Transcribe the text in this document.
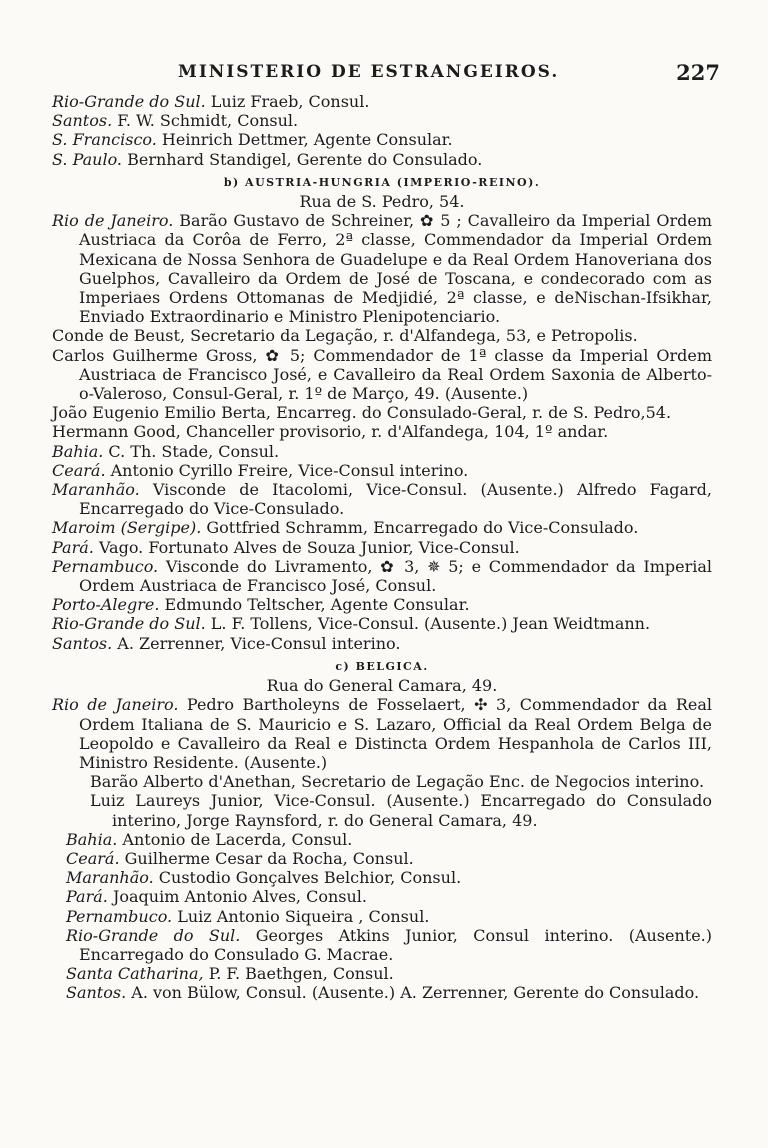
MINISTERIO DE ESTRANGEIROS.	227

Rio-Grande do Sul. Luiz Fraeb, Consul.

Santos. F. W. Schmidt, Consul.

S. Francisco. Heinrich Dettmer, Agente Consular.

S. Paulo. Bernhard Standigel, Gerente do Consulado.

b) AUSTRIA-HUNGRIA (IMPERIO-REINO).

Rua de S. Pedro, 54.

Rio de Janeiro. Barão Gustavo de Schreiner, ✿ 5 ; Cavalleiro da Imperial Ordem Austriaca da Corôa de Ferro, 2ª classe, Commendador da Imperial Ordem Mexicana de Nossa Senhora de Guadelupe e da Real Ordem Hanoveriana dos Guelphos, Cavalleiro da Ordem de José de Toscana, e condecorado com as Imperiaes Ordens Ottomanas de Medjidié, 2ª classe, e deNischan-Ifsikhar, Enviado Extraordinario e Ministro Plenipotenciario.

Conde de Beust, Secretario da Legação, r. d'Alfandega, 53, e Petropolis.

Carlos Guilherme Gross, ✿ 5; Commendador de 1ª classe da Imperial Ordem Austriaca de Francisco José, e Cavalleiro da Real Ordem Saxonia de Alberto-o-Valeroso, Consul-Geral, r. 1º de Março, 49. (Ausente.)

João Eugenio Emilio Berta, Encarreg. do Consulado-Geral, r. de S. Pedro,54.

Hermann Good, Chanceller provisorio, r. d'Alfandega, 104, 1º andar.

Bahia. C. Th. Stade, Consul.

Ceará. Antonio Cyrillo Freire, Vice-Consul interino.

Maranhão. Visconde de Itacolomi, Vice-Consul. (Ausente.) Alfredo Fagard, Encarregado do Vice-Consulado.

Maroim (Sergipe). Gottfried Schramm, Encarregado do Vice-Consulado.

Pará. Vago. Fortunato Alves de Souza Junior, Vice-Consul.

Pernambuco. Visconde do Livramento, ✿ 3, ✵ 5; e Commendador da Imperial Ordem Austriaca de Francisco José, Consul.

Porto-Alegre. Edmundo Teltscher, Agente Consular.

Rio-Grande do Sul. L. F. Tollens, Vice-Consul. (Ausente.) Jean Weidtmann.

Santos. A. Zerrenner, Vice-Consul interino.

c) BELGICA.

Rua do General Camara, 49.

Rio de Janeiro. Pedro Bartholeyns de Fosselaert, ✣ 3, Commendador da Real Ordem Italiana de S. Mauricio e S. Lazaro, Official da Real Ordem Belga de Leopoldo e Cavalleiro da Real e Distincta Ordem Hespanhola de Carlos III, Ministro Residente. (Ausente.)

Barão Alberto d'Anethan, Secretario de Legação Enc. de Negocios interino.

Luiz Laureys Junior, Vice-Consul. (Ausente.) Encarregado do Consulado interino, Jorge Raynsford, r. do General Camara, 49.

Bahia. Antonio de Lacerda, Consul.

Ceará. Guilherme Cesar da Rocha, Consul.

Maranhão. Custodio Gonçalves Belchior, Consul.

Pará. Joaquim Antonio Alves, Consul.

Pernambuco. Luiz Antonio Siqueira , Consul.

Rio-Grande do Sul. Georges Atkins Junior, Consul interino. (Ausente.) Encarregado do Consulado G. Macrae.

Santa Catharina, P. F. Baethgen, Consul.

Santos. A. von Bülow, Consul. (Ausente.) A. Zerrenner, Gerente do Consulado.
